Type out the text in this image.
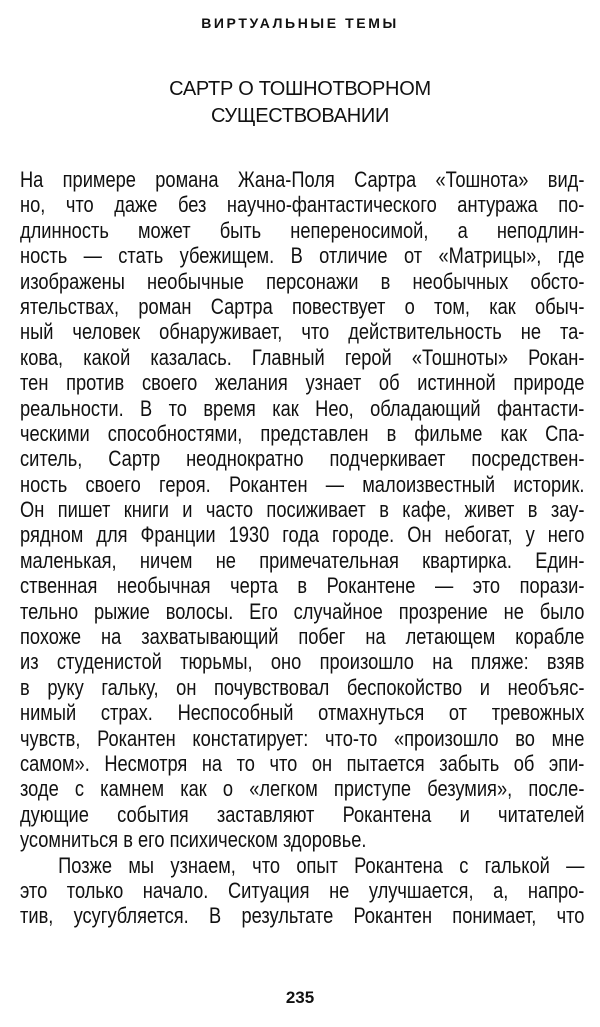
ВИРТУАЛЬНЫЕ ТЕМЫ
САРТР О ТОШНОТВОРНОМ
СУЩЕСТВОВАНИИ
На примере романа Жана-Поля Сартра «Тошнота» вид-
но, что даже без научно-фантастического антуража по-
длинность может быть непереносимой, а неподлин-
ность — стать убежищем. В отличие от «Матрицы», где
изображены необычные персонажи в необычных обсто-
ятельствах, роман Сартра повествует о том, как обыч-
ный человек обнаруживает, что действительность не та-
кова, какой казалась. Главный герой «Тошноты» Рокан-
тен против своего желания узнает об истинной природе
реальности. В то время как Нео, обладающий фантасти-
ческими способностями, представлен в фильме как Спа-
ситель, Сартр неоднократно подчеркивает посредствен-
ность своего героя. Рокантен — малоизвестный историк.
Он пишет книги и часто посиживает в кафе, живет в зау-
рядном для Франции 1930 года городе. Он небогат, у него
маленькая, ничем не примечательная квартирка. Един-
ственная необычная черта в Рокантене — это порази-
тельно рыжие волосы. Его случайное прозрение не было
похоже на захватывающий побег на летающем корабле
из студенистой тюрьмы, оно произошло на пляже: взяв
в руку гальку, он почувствовал беспокойство и необъяс-
нимый страх. Неспособный отмахнуться от тревожных
чувств, Рокантен констатирует: что-то «произошло во мне
самом». Несмотря на то что он пытается забыть об эпи-
зоде с камнем как о «легком приступе безумия», после-
дующие события заставляют Рокантена и читателей
усомниться в его психическом здоровье.
Позже мы узнаем, что опыт Рокантена с галькой —
это только начало. Ситуация не улучшается, а, напро-
тив, усугубляется. В результате Рокантен понимает, что
235
